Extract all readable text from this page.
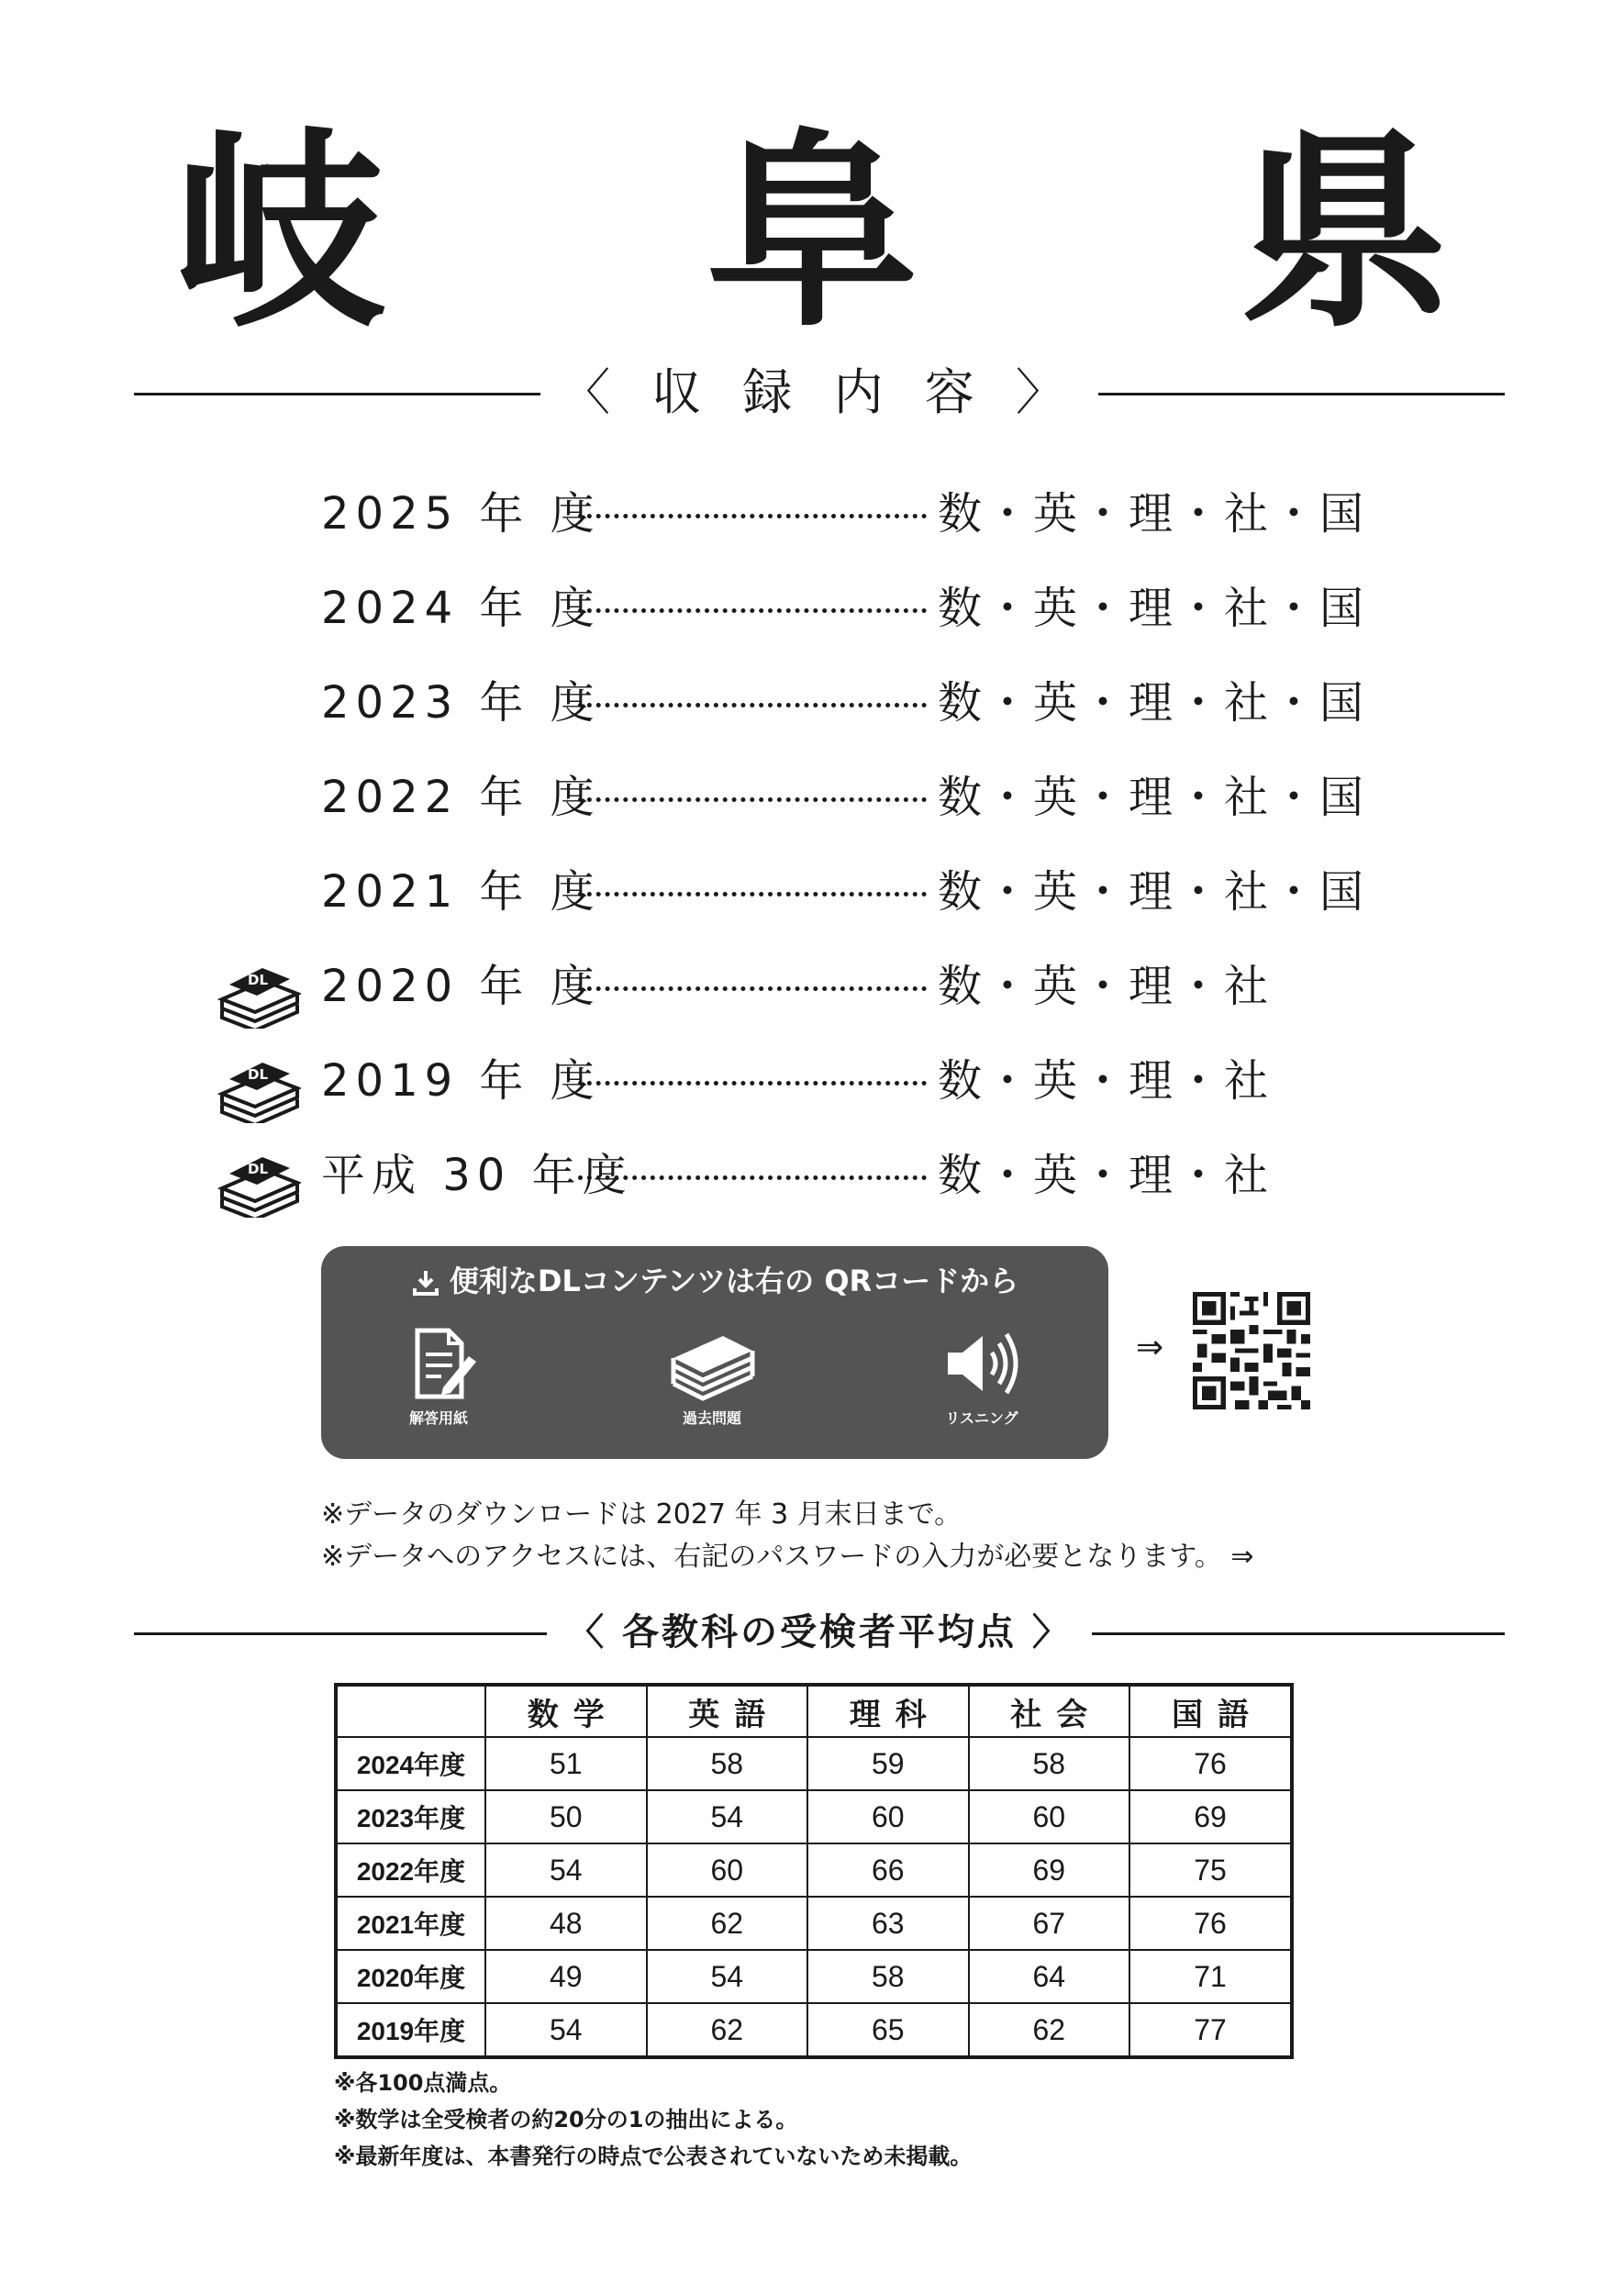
岐 阜 県
〈 収 録 内 容 〉
2025 年 度	数・英・理・社・国
2024 年 度	数・英・理・社・国
2023 年 度	数・英・理・社・国
2022 年 度	数・英・理・社・国
2021 年 度	数・英・理・社・国
DL 2020 年 度	数・英・理・社
DL 2019 年 度	数・英・理・社
DL 平成 30 年度	数・英・理・社
便利なDLコンテンツは右の QRコードから
解答用紙	過去問題	リスニング
⇒
※データのダウンロードは 2027 年 3 月末日まで。
※データへのアクセスには、右記のパスワードの入力が必要となります。 ⇒
〈 各教科の受検者平均点 〉
	数学	英語	理科	社会	国語
2024年度	51	58	59	58	76
2023年度	50	54	60	60	69
2022年度	54	60	66	69	75
2021年度	48	62	63	67	76
2020年度	49	54	58	64	71
2019年度	54	62	65	62	77
※各100点満点。
※数学は全受検者の約20分の1の抽出による。
※最新年度は、本書発行の時点で公表されていないため未掲載。
